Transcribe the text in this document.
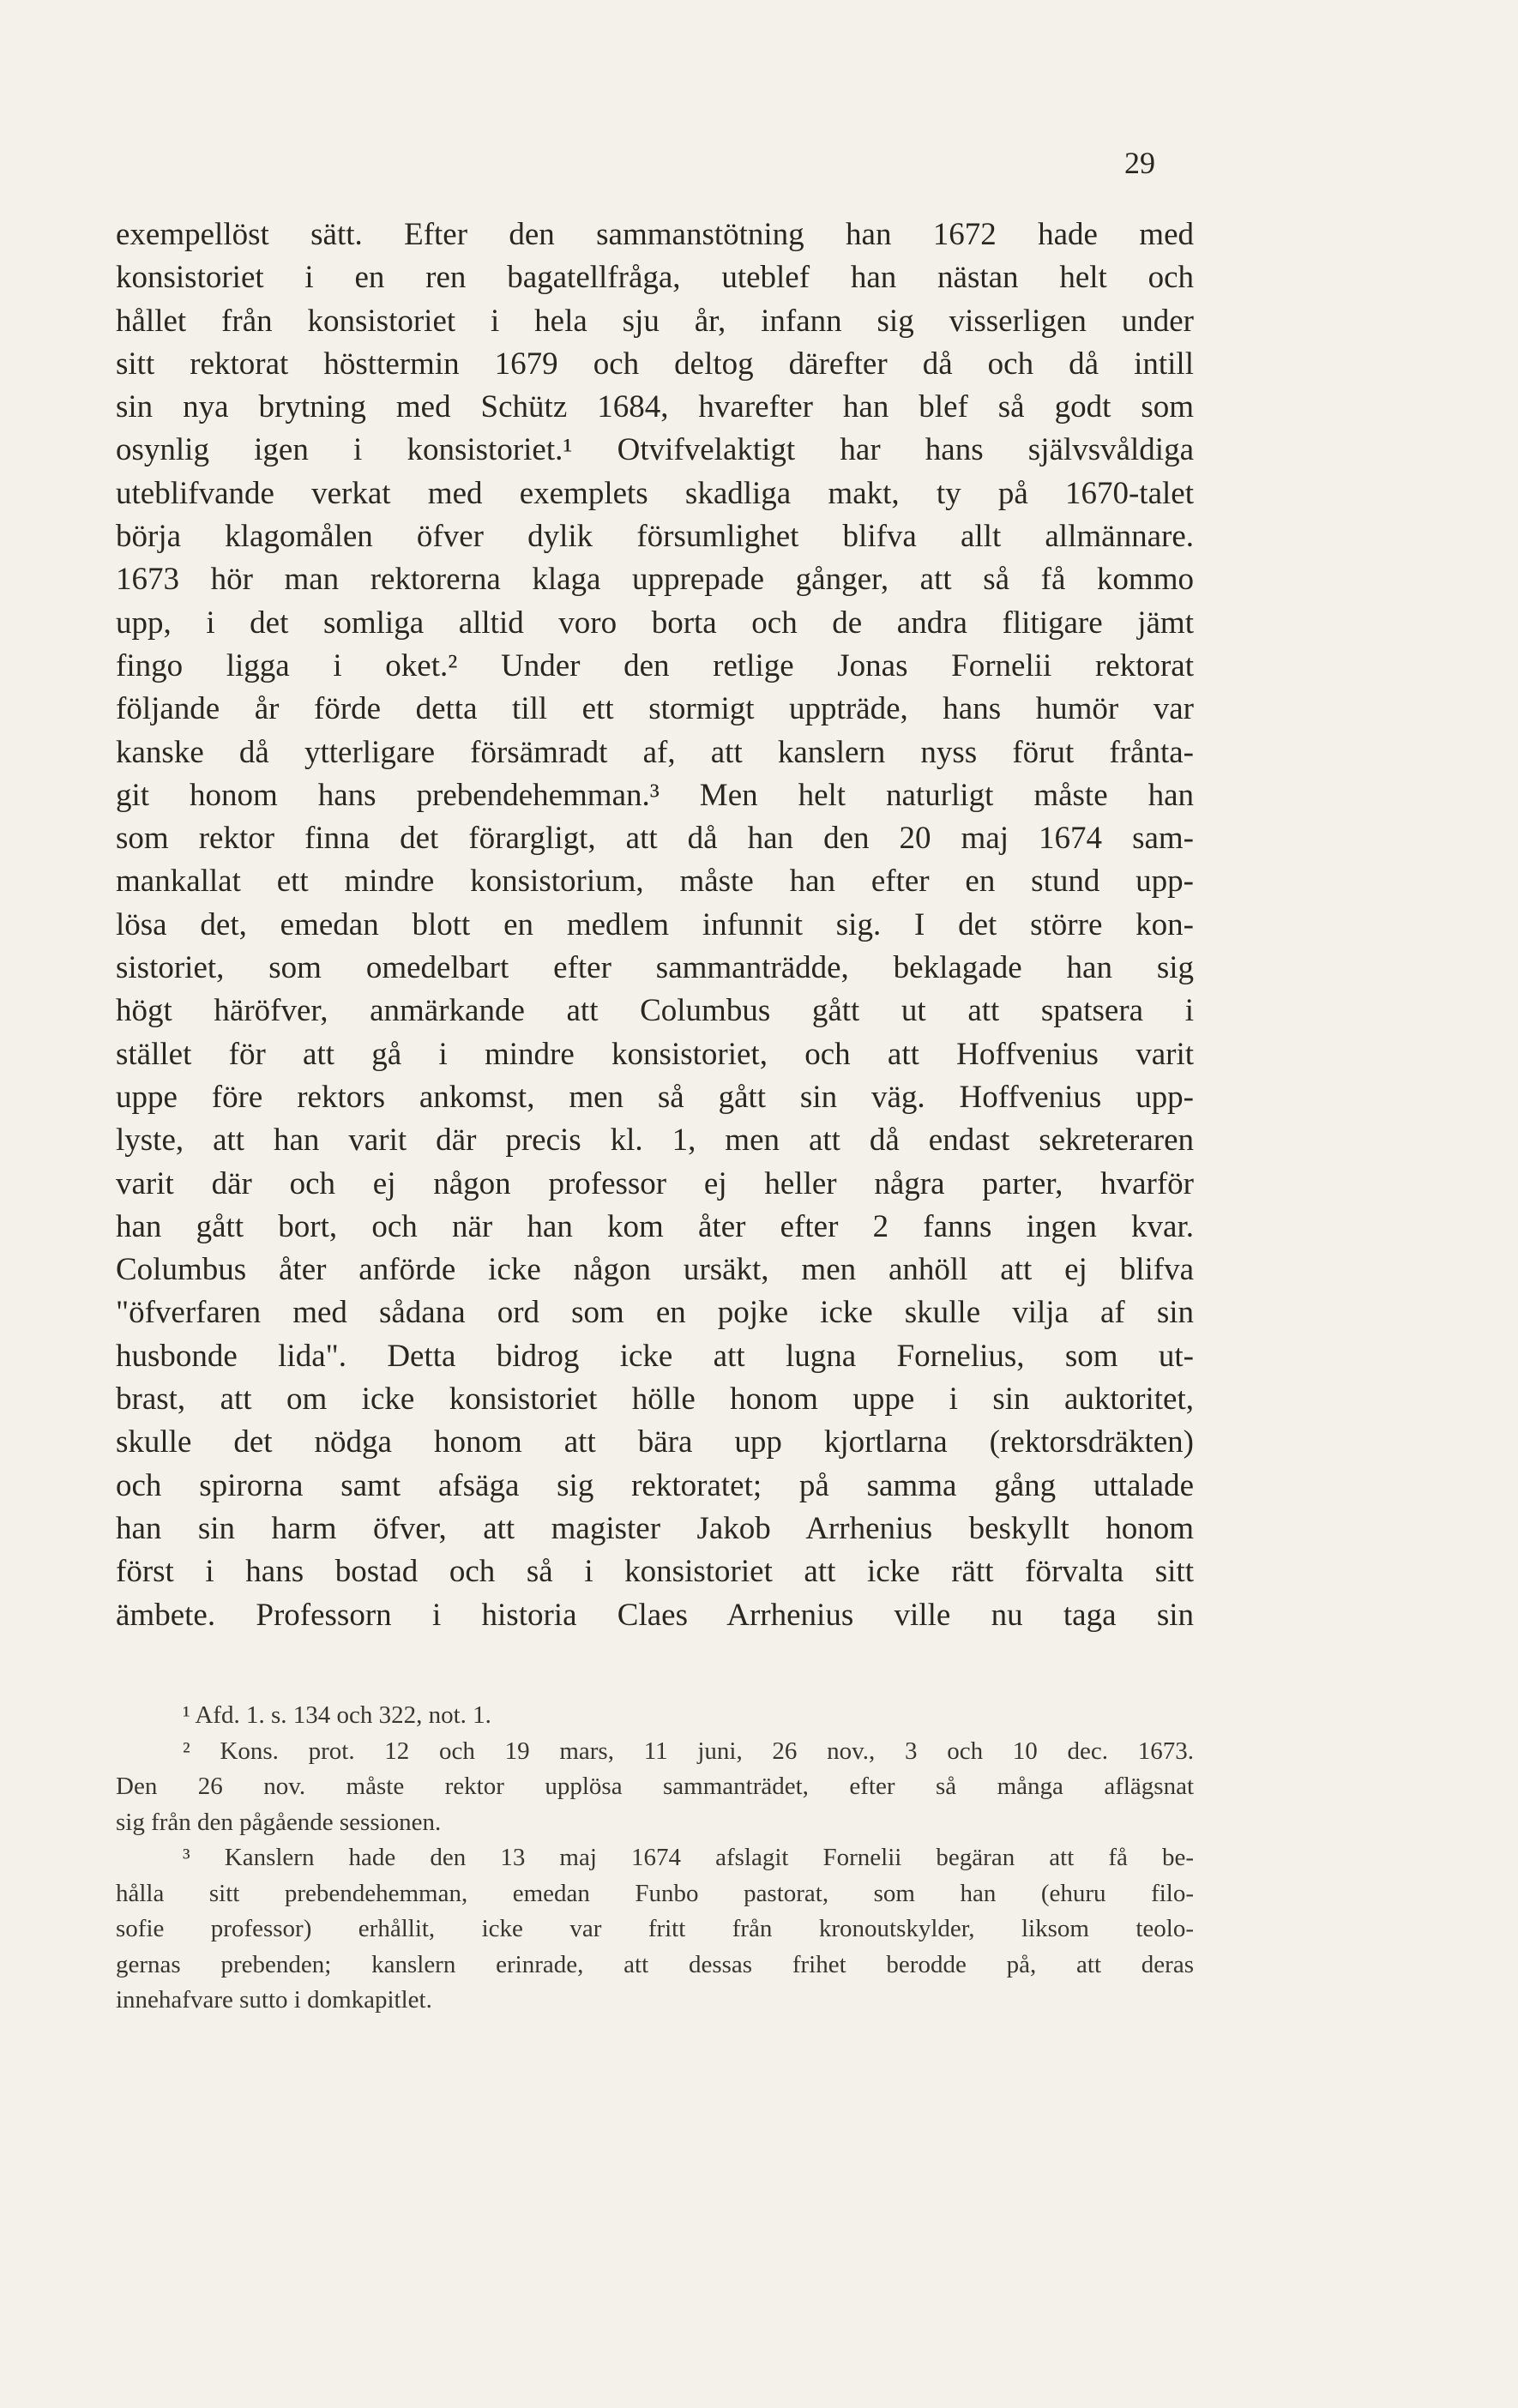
29
exempellöst sätt. Efter den sammanstötning han 1672 hade med
konsistoriet i en ren bagatellfråga, uteblef han nästan helt och
hållet från konsistoriet i hela sju år, infann sig visserligen under
sitt rektorat hösttermin 1679 och deltog därefter då och då intill
sin nya brytning med Schütz 1684, hvarefter han blef så godt som
osynlig igen i konsistoriet.¹ Otvifvelaktigt har hans självsvåldiga
uteblifvande verkat med exemplets skadliga makt, ty på 1670-talet
börja klagomålen öfver dylik försumlighet blifva allt allmännare.
1673 hör man rektorerna klaga upprepade gånger, att så få kommo
upp, i det somliga alltid voro borta och de andra flitigare jämt
fingo ligga i oket.² Under den retlige Jonas Fornelii rektorat
följande år förde detta till ett stormigt uppträde, hans humör var
kanske då ytterligare försämradt af, att kanslern nyss förut fråntа-
git honom hans prebendehemman.³ Men helt naturligt måste han
som rektor finna det förargligt, att då han den 20 maj 1674 sam-
mankallat ett mindre konsistorium, måste han efter en stund upp-
lösa det, emedan blott en medlem infunnit sig. I det större kon-
sistoriet, som omedelbart efter sammanträdde, beklagade han sig
högt häröfver, anmärkande att Columbus gått ut att spatsera i
stället för att gå i mindre konsistoriet, och att Hoffvenius varit
uppe före rektors ankomst, men så gått sin väg. Hoffvenius upp-
lyste, att han varit där precis kl. 1, men att då endast sekreteraren
varit där och ej någon professor ej heller några parter, hvarför
han gått bort, och när han kom åter efter 2 fanns ingen kvar.
Columbus åter anförde icke någon ursäkt, men anhöll att ej blifva
"öfverfaren med sådana ord som en pojke icke skulle vilja af sin
husbonde lida". Detta bidrog icke att lugna Fornelius, som ut-
brast, att om icke konsistoriet hölle honom uppe i sin auktoritet,
skulle det nödga honom att bära upp kjortlarna (rektorsdräkten)
och spirorna samt afsäga sig rektoratet; på samma gång uttalade
han sin harm öfver, att magister Jakob Arrhenius beskyllt honom
först i hans bostad och så i konsistoriet att icke rätt förvalta sitt
ämbete. Professorn i historia Claes Arrhenius ville nu taga sin
¹ Afd. 1. s. 134 och 322, not. 1.
² Kons. prot. 12 och 19 mars, 11 juni, 26 nov., 3 och 10 dec. 1673.
Den 26 nov. måste rektor upplösa sammanträdet, efter så många aflägsnat
sig från den pågående sessionen.
³ Kanslern hade den 13 maj 1674 afslagit Fornelii begäran att få be-
hålla sitt prebendehemman, emedan Funbo pastorat, som han (ehuru filo-
sofie professor) erhållit, icke var fritt från kronoutskylder, liksom teolo-
gernas prebenden; kanslern erinrade, att dessas frihet berodde på, att deras
innehafvare sutto i domkapitlet.
